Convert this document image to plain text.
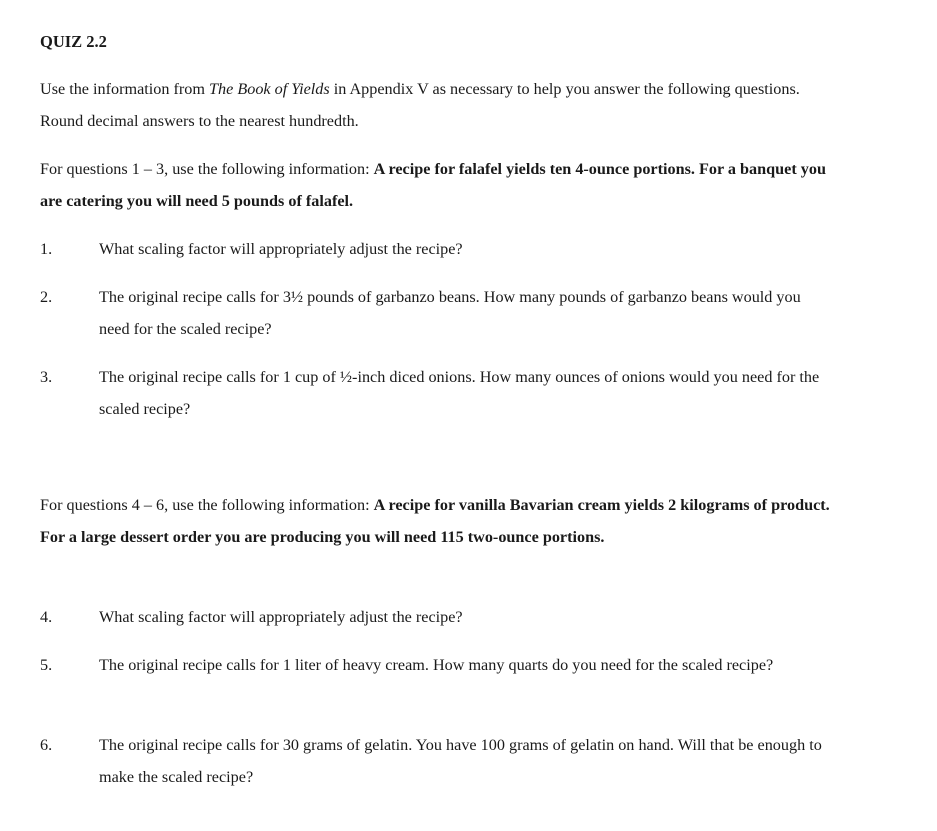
QUIZ 2.2

Use the information from The Book of Yields in Appendix V as necessary to help you answer the following questions. Round decimal answers to the nearest hundredth.

For questions 1 – 3, use the following information: A recipe for falafel yields ten 4-ounce portions. For a banquet you are catering you will need 5 pounds of falafel.

1.	What scaling factor will appropriately adjust the recipe?
2.	The original recipe calls for 3½ pounds of garbanzo beans. How many pounds of garbanzo beans would you need for the scaled recipe?
3.	The original recipe calls for 1 cup of ½-inch diced onions. How many ounces of onions would you need for the scaled recipe?

For questions 4 – 6, use the following information: A recipe for vanilla Bavarian cream yields 2 kilograms of product. For a large dessert order you are producing you will need 115 two-ounce portions.

4.	What scaling factor will appropriately adjust the recipe?
5.	The original recipe calls for 1 liter of heavy cream. How many quarts do you need for the scaled recipe?
6.	The original recipe calls for 30 grams of gelatin. You have 100 grams of gelatin on hand. Will that be enough to make the scaled recipe?
